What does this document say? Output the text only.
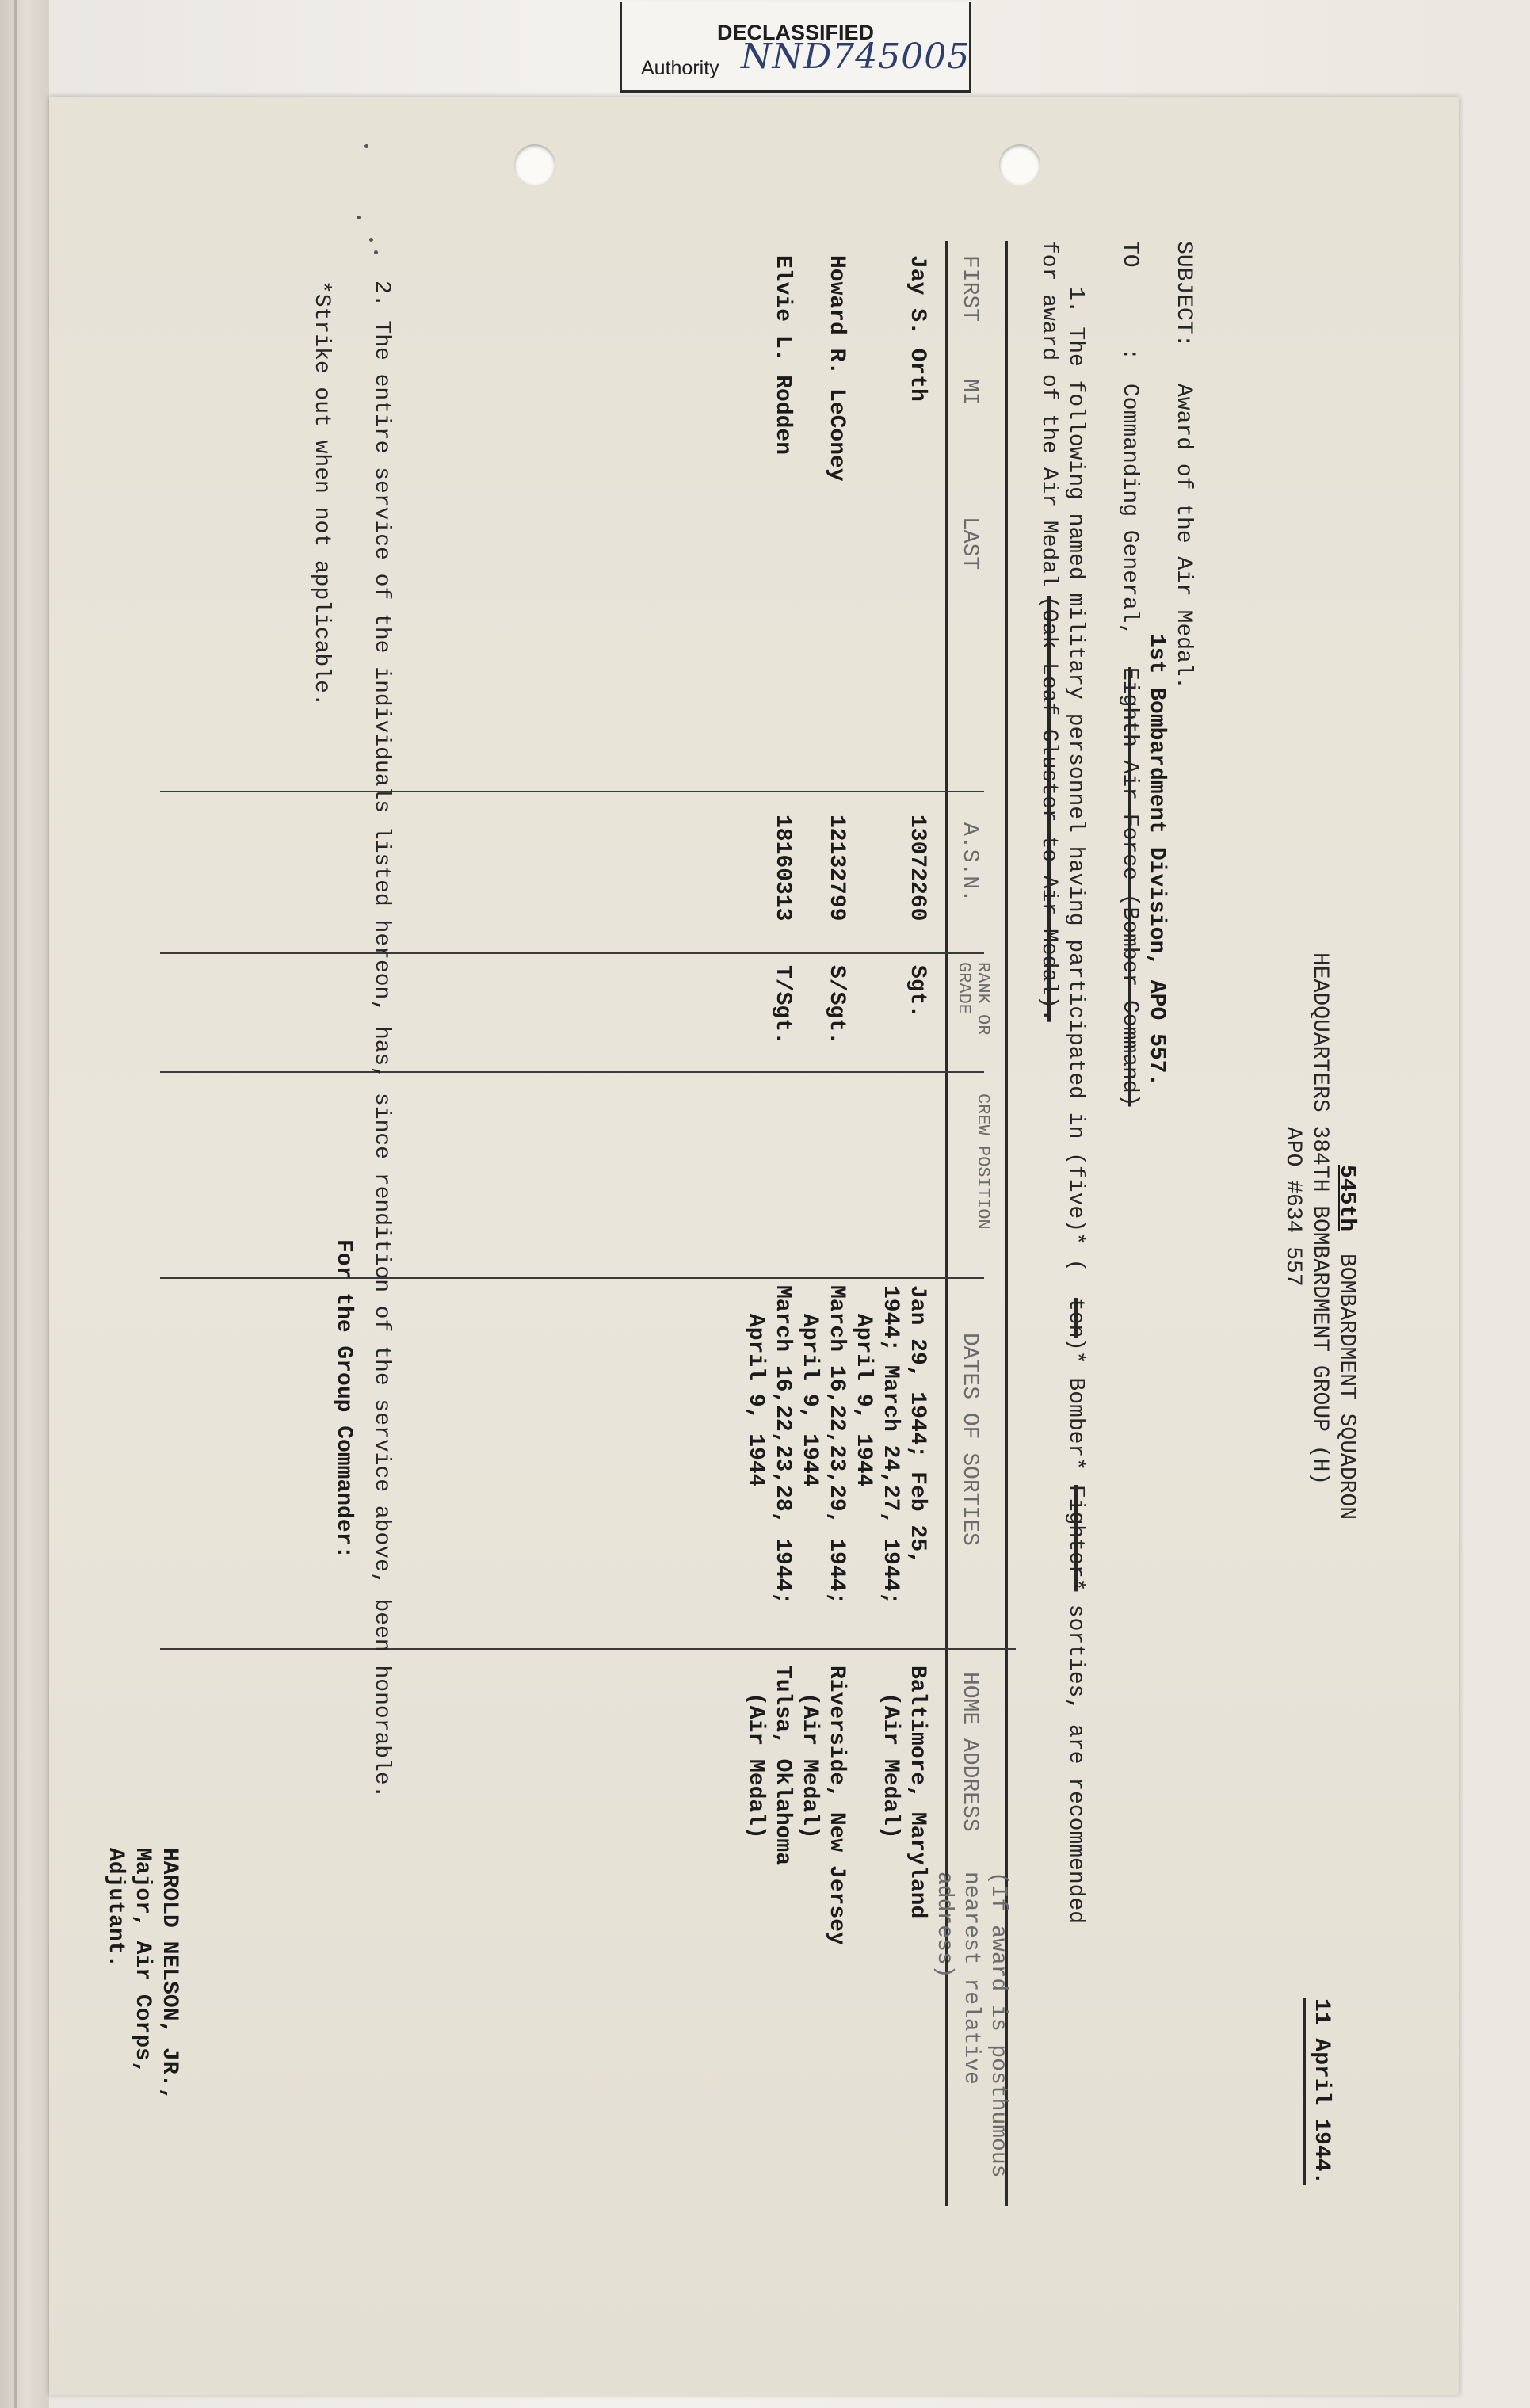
DECLASSIFIED
Authority NND745005
545th
HEADQUARTERS 384TH BOMBARDMENT GROUP (H) BOMBARDMENT SQUADRON
APO #634 557
11 April 1944.
SUBJECT:
Award of the Air Medal.
1st Bombardment Division, APO 557.
TO      :
Commanding General,
Eighth Air Force (Bomber Command)
1. The following named military personnel having participated in (five)* (
ten
)* Bomber*
Fighter*
sorties, are recommended
for award of the Air Medal
(Oak Leaf Cluster to Air Medal).
FIRST
MI
LAST
A.S.N.
RANK OR GRADE
CREW POSITION
DATES OF SORTIES
HOME ADDRESS
(If award is posthumous nearest relative address)
Jay S. Orth
13072260
Sgt.
Jan 29, 1944; Feb 25,
1944; March 24,27, 1944;
April 9, 1944
Baltimore, Maryland
(Air Medal)
Howard R. LeConey
12132799
S/Sgt.
March 16,22,23,29, 1944;
April 9, 1944
Riverside, New Jersey
(Air Medal)
Elvie L. Rodden
18160313
T/Sgt.
March 16,22,23,28, 1944;
April 9, 1944
Tulsa, Oklahoma
(Air Medal)
2. The entire service of the individuals listed hereon, has, since rendition of the service above, been honorable.
*Strike out when not applicable.
For the Group Commander:
HAROLD NELSON, JR.,
Major, Air Corps,
Adjutant.
